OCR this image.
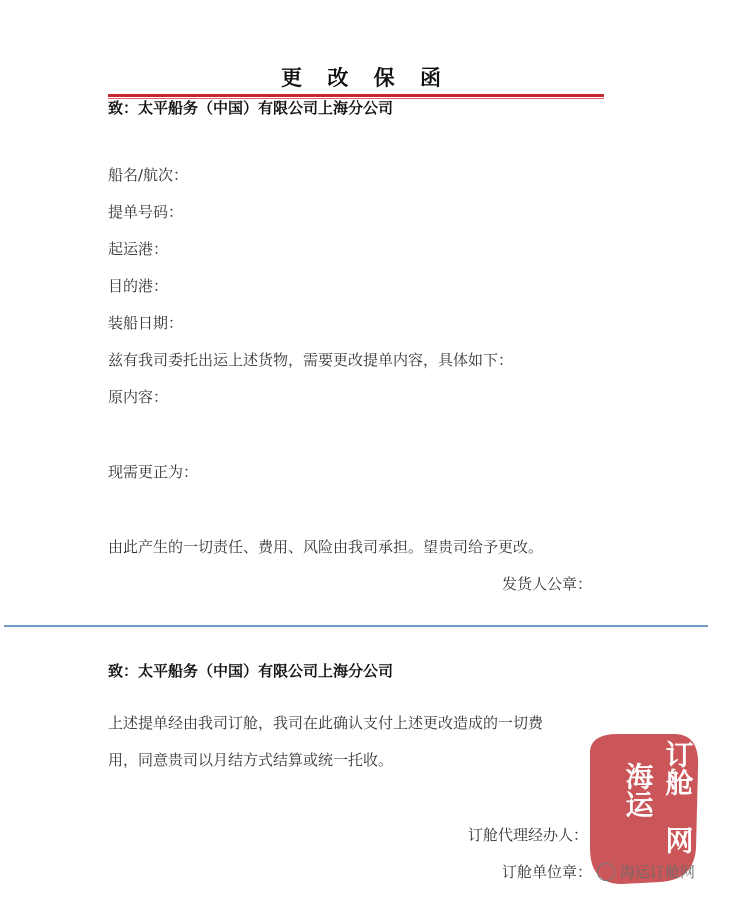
更 改 保 函
致：太平船务（中国）有限公司上海分公司
船名/航次：
提单号码：
起运港：
目的港：
装船日期：
兹有我司委托出运上述货物，需要更改提单内容，具体如下：
原内容：
现需更正为：
由此产生的一切责任、费用、风险由我司承担。望贵司给予更改。
发货人公章：
致：太平船务（中国）有限公司上海分公司
上述提单经由我司订舱，我司在此确认支付上述更改造成的一切费
用，同意贵司以月结方式结算或统一托收。
订舱代理经办人：
订舱单位章：
订舱
海运
网
海运订舱网
